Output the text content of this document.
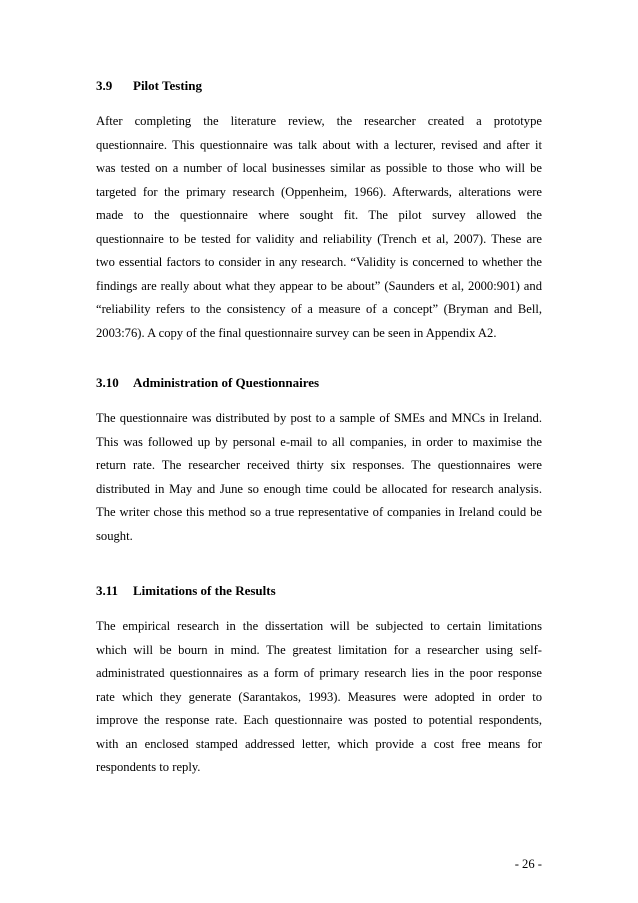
3.9 Pilot Testing
After completing the literature review, the researcher created a prototype
questionnaire. This questionnaire was talk about with a lecturer, revised and after it
was tested on a number of local businesses similar as possible to those who will be
targeted for the primary research (Oppenheim, 1966). Afterwards, alterations were
made to the questionnaire where sought fit. The pilot survey allowed the
questionnaire to be tested for validity and reliability (Trench et al, 2007). These are
two essential factors to consider in any research. “Validity is concerned to whether the
findings are really about what they appear to be about” (Saunders et al, 2000:901) and
“reliability refers to the consistency of a measure of a concept” (Bryman and Bell,
2003:76). A copy of the final questionnaire survey can be seen in Appendix A2.
3.10 Administration of Questionnaires
The questionnaire was distributed by post to a sample of SMEs and MNCs in Ireland.
This was followed up by personal e-mail to all companies, in order to maximise the
return rate. The researcher received thirty six responses. The questionnaires were
distributed in May and June so enough time could be allocated for research analysis.
The writer chose this method so a true representative of companies in Ireland could be
sought.
3.11 Limitations of the Results
The empirical research in the dissertation will be subjected to certain limitations
which will be bourn in mind. The greatest limitation for a researcher using self-
administrated questionnaires as a form of primary research lies in the poor response
rate which they generate (Sarantakos, 1993). Measures were adopted in order to
improve the response rate. Each questionnaire was posted to potential respondents,
with an enclosed stamped addressed letter, which provide a cost free means for
respondents to reply.
- 26 -
